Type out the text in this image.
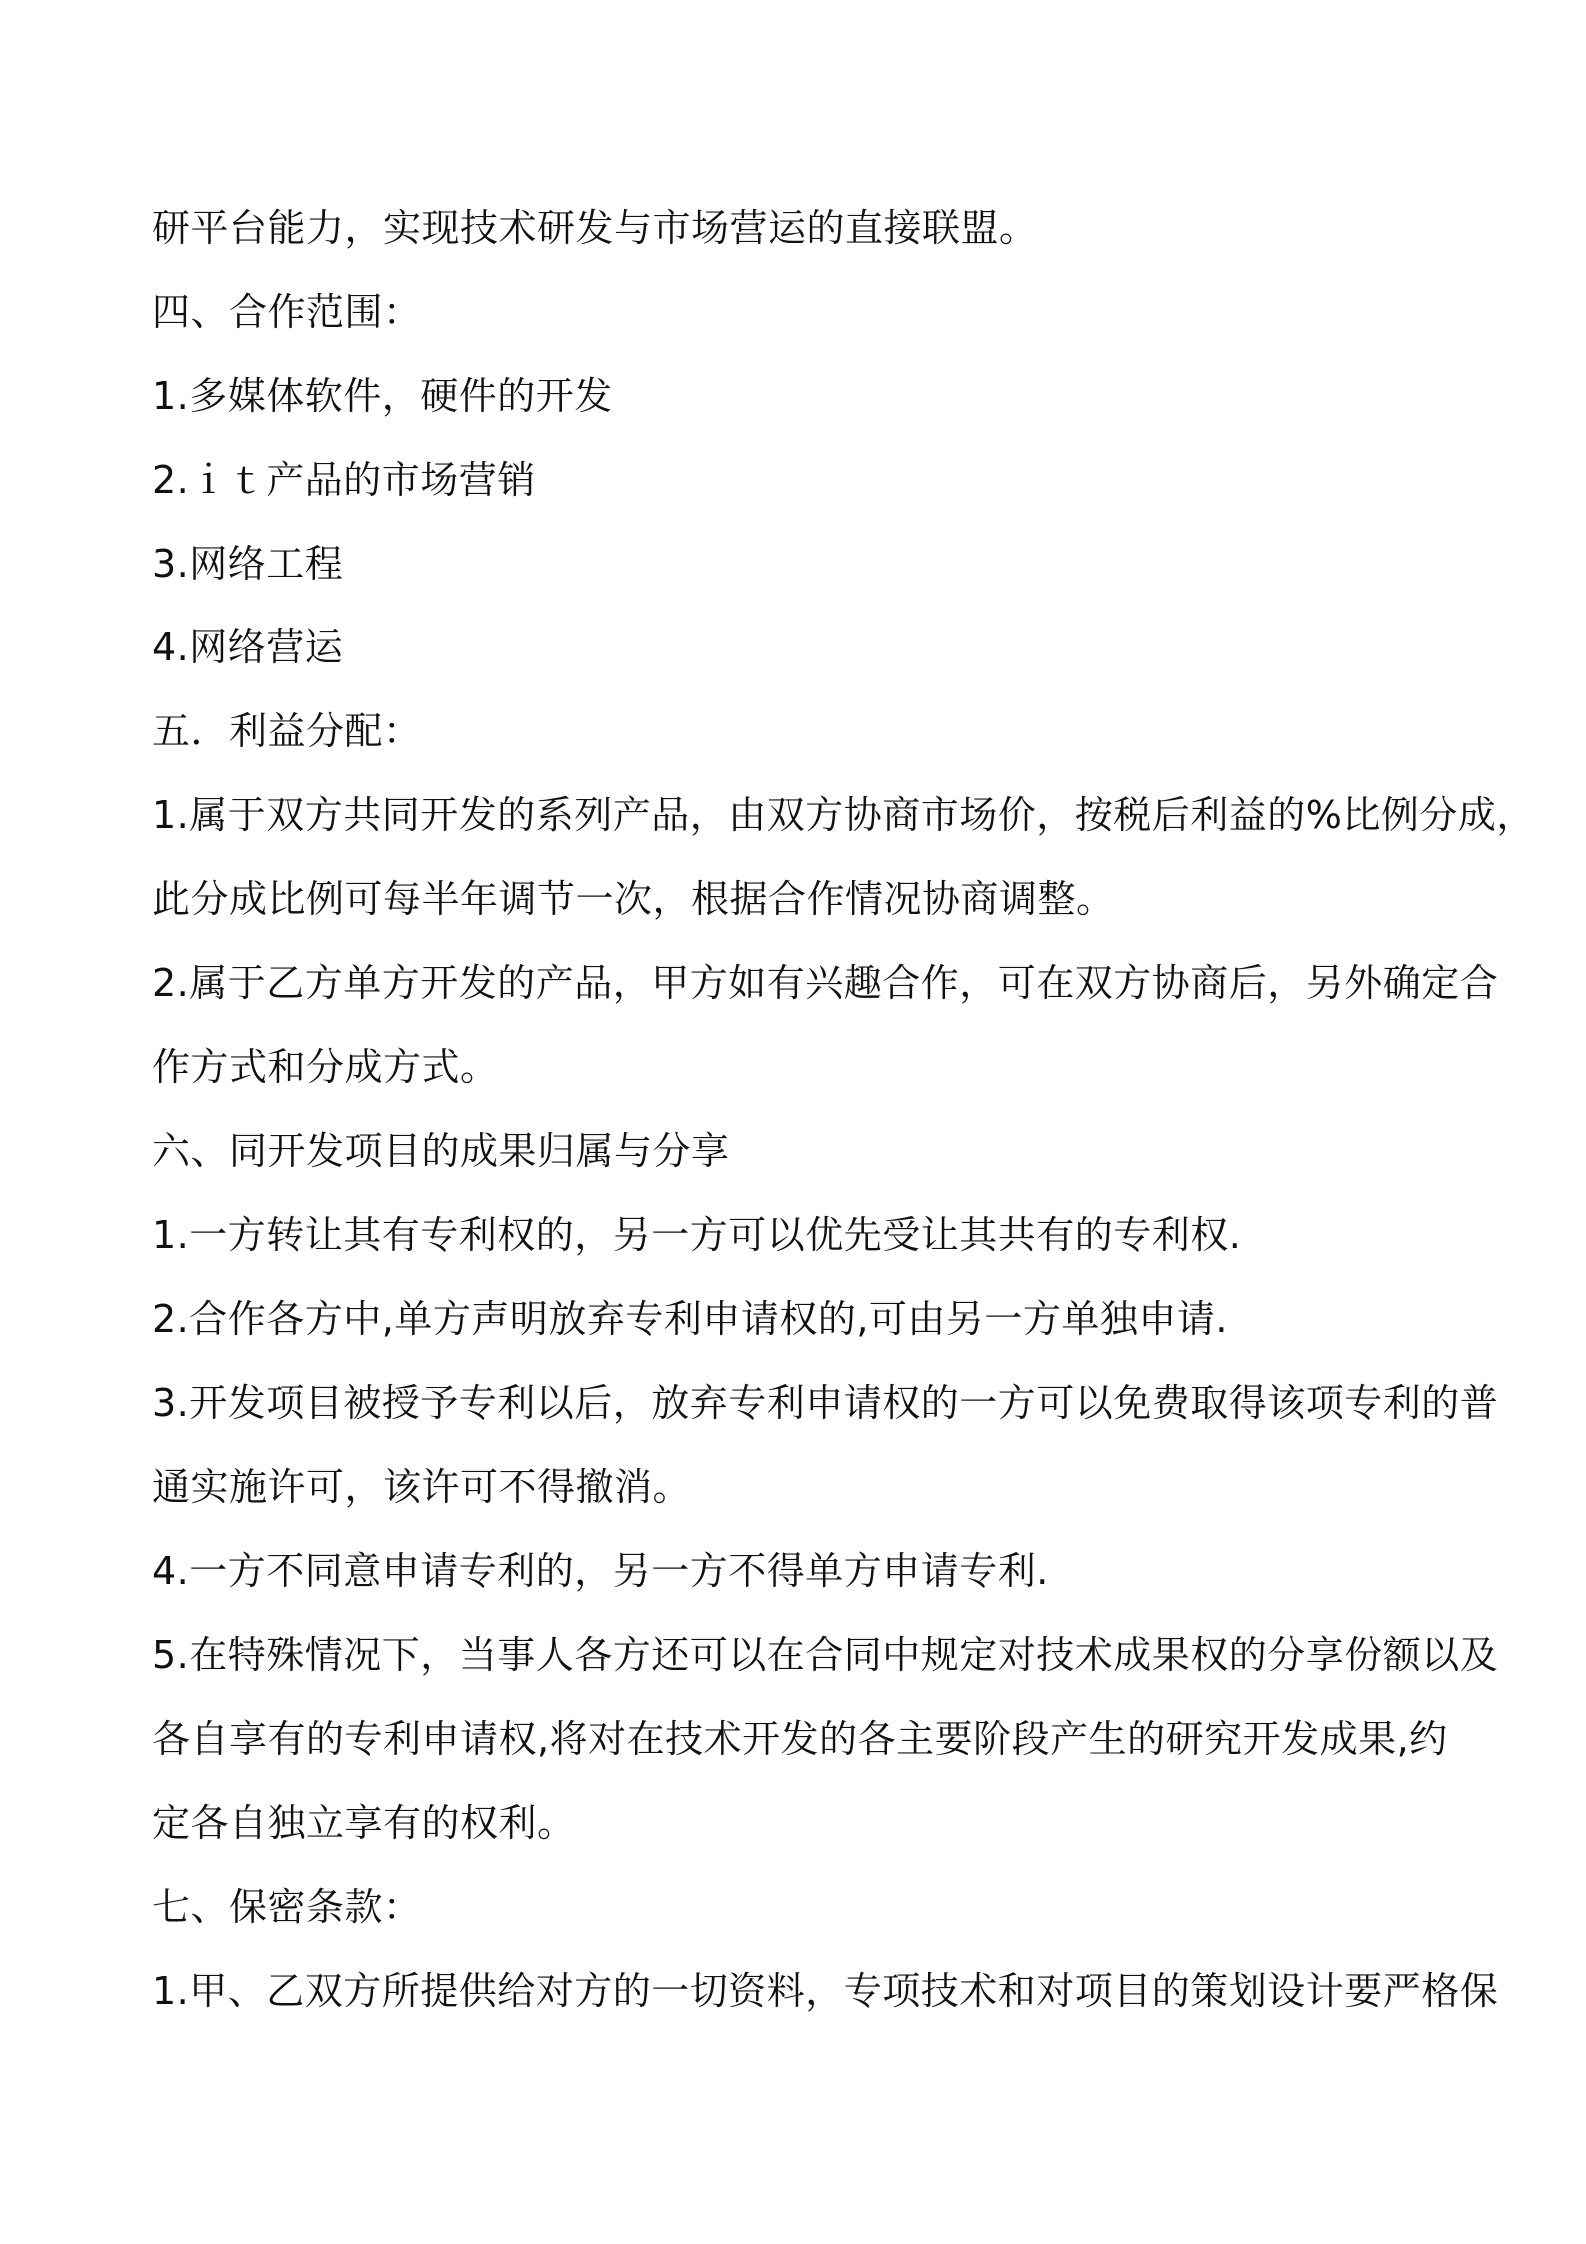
研平台能力，实现技术研发与市场营运的直接联盟。
四、合作范围：
1.多媒体软件，硬件的开发
2.ｉｔ产品的市场营销
3.网络工程
4.网络营运
五．利益分配：
1.属于双方共同开发的系列产品，由双方协商市场价，按税后利益的%比例分成，
此分成比例可每半年调节一次，根据合作情况协商调整。
2.属于乙方单方开发的产品，甲方如有兴趣合作，可在双方协商后，另外确定合
作方式和分成方式。
六、同开发项目的成果归属与分享
1.一方转让其有专利权的，另一方可以优先受让其共有的专利权.
2.合作各方中,单方声明放弃专利申请权的,可由另一方单独申请.
3.开发项目被授予专利以后，放弃专利申请权的一方可以免费取得该项专利的普
通实施许可，该许可不得撤消。
4.一方不同意申请专利的，另一方不得单方申请专利.
5.在特殊情况下，当事人各方还可以在合同中规定对技术成果权的分享份额以及
各自享有的专利申请权,将对在技术开发的各主要阶段产生的研究开发成果,约
定各自独立享有的权利。
七、保密条款：
1.甲、乙双方所提供给对方的一切资料，专项技术和对项目的策划设计要严格保
